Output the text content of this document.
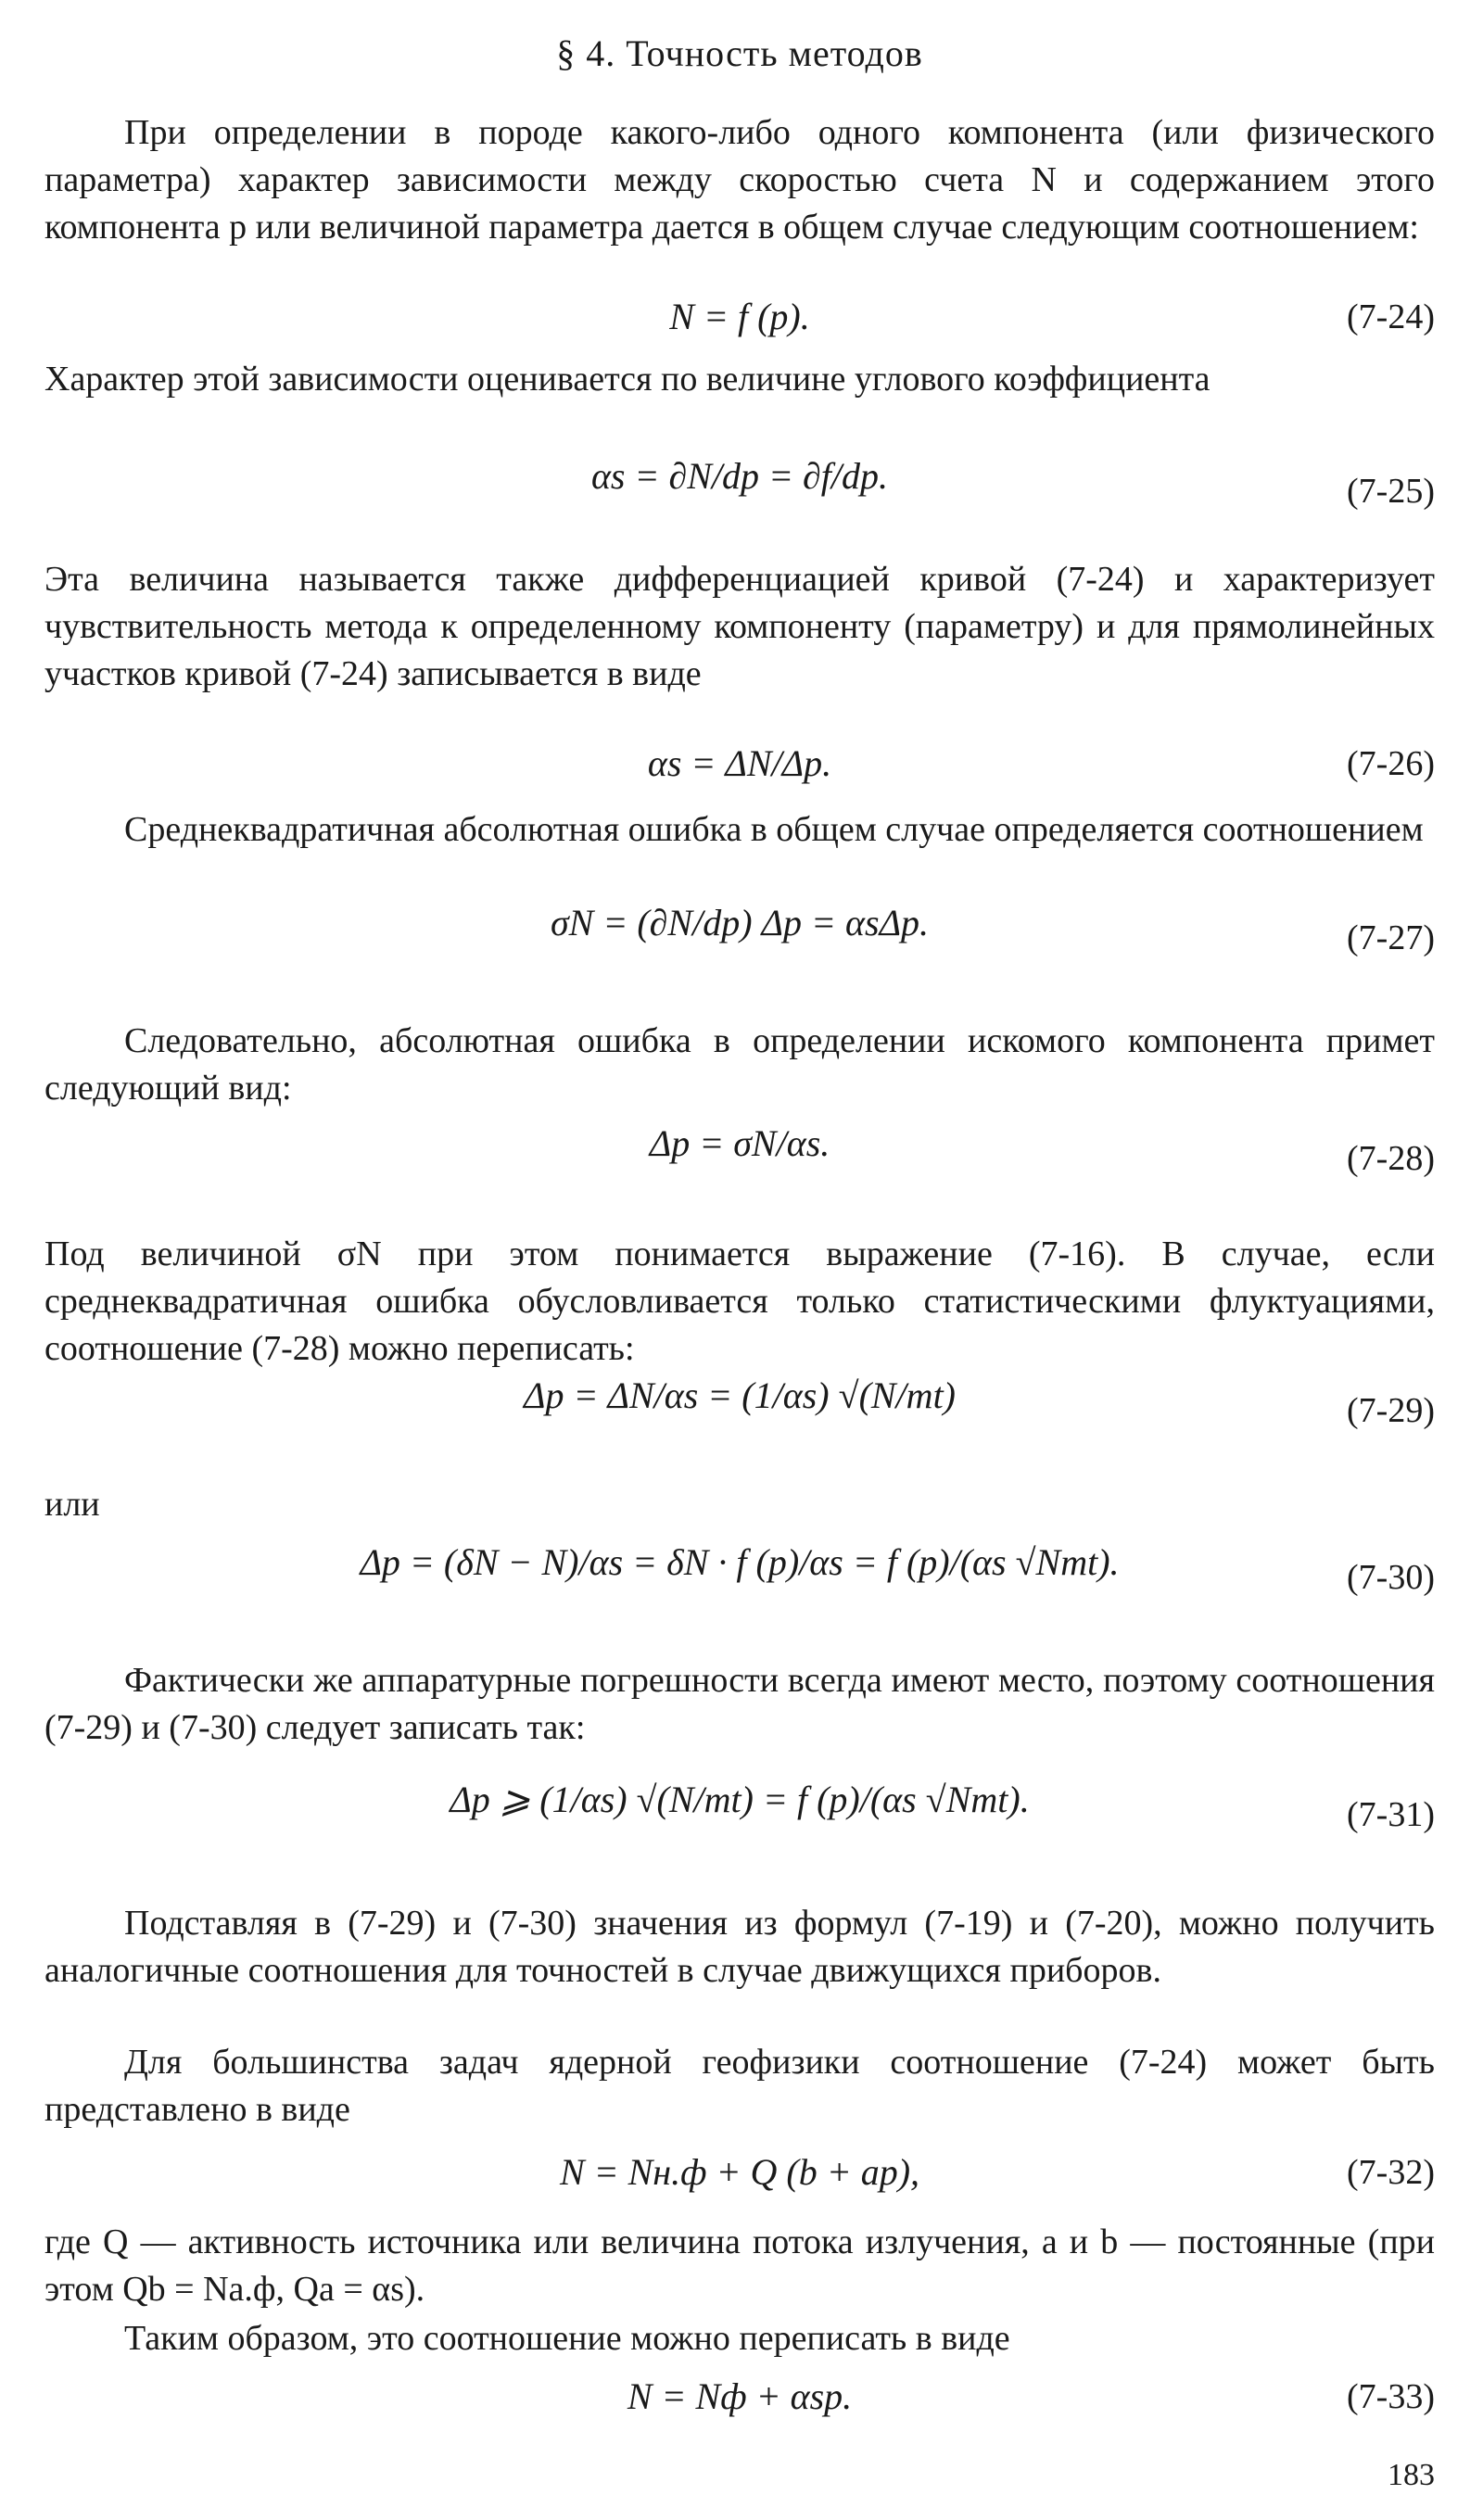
§ 4. Точность методов
При определении в породе какого-либо одного компонента (или физического параметра) характер зависимости между скоростью счета N и содержанием этого компонента p или величиной параметра дается в общем случае следующим соотношением:
N = f (p).	(7-24)
Характер этой зависимости оценивается по величине углового коэффициента
αs = ∂N/dp = ∂f/dp.	(7-25)
Эта величина называется также дифференциацией кривой (7-24) и характеризует чувствительность метода к определенному компоненту (параметру) и для прямолинейных участков кривой (7-24) записывается в виде
αs = ΔN/Δp.	(7-26)
Среднеквадратичная абсолютная ошибка в общем случае определяется соотношением
σN = (∂N/dp) Δp = αsΔp.	(7-27)
Следовательно, абсолютная ошибка в определении искомого компонента примет следующий вид:
Δp = σN/αs.	(7-28)
Под величиной σN при этом понимается выражение (7-16). В случае, если среднеквадратичная ошибка обусловливается только статистическими флуктуациями, соотношение (7-28) можно переписать:
Δp = ΔN/αs = (1/αs) √(N/mt)	(7-29)
или
Δp = (δN − N)/αs = δN · f (p)/αs = f (p)/(αs √Nmt).	(7-30)
Фактически же аппаратурные погрешности всегда имеют место, поэтому соотношения (7-29) и (7-30) следует записать так:
Δp ⩾ (1/αs) √(N/mt) = f (p)/(αs √Nmt).	(7-31)
Подставляя в (7-29) и (7-30) значения из формул (7-19) и (7-20), можно получить аналогичные соотношения для точностей в случае движущихся приборов.
Для большинства задач ядерной геофизики соотношение (7-24) может быть представлено в виде
N = Nн.ф + Q (b + ap),	(7-32)
где Q — активность источника или величина потока излучения, a и b — постоянные (при этом Qb = Nа.ф, Qa = αs).
Таким образом, это соотношение можно переписать в виде
N = Nф + αsp.	(7-33)
183
